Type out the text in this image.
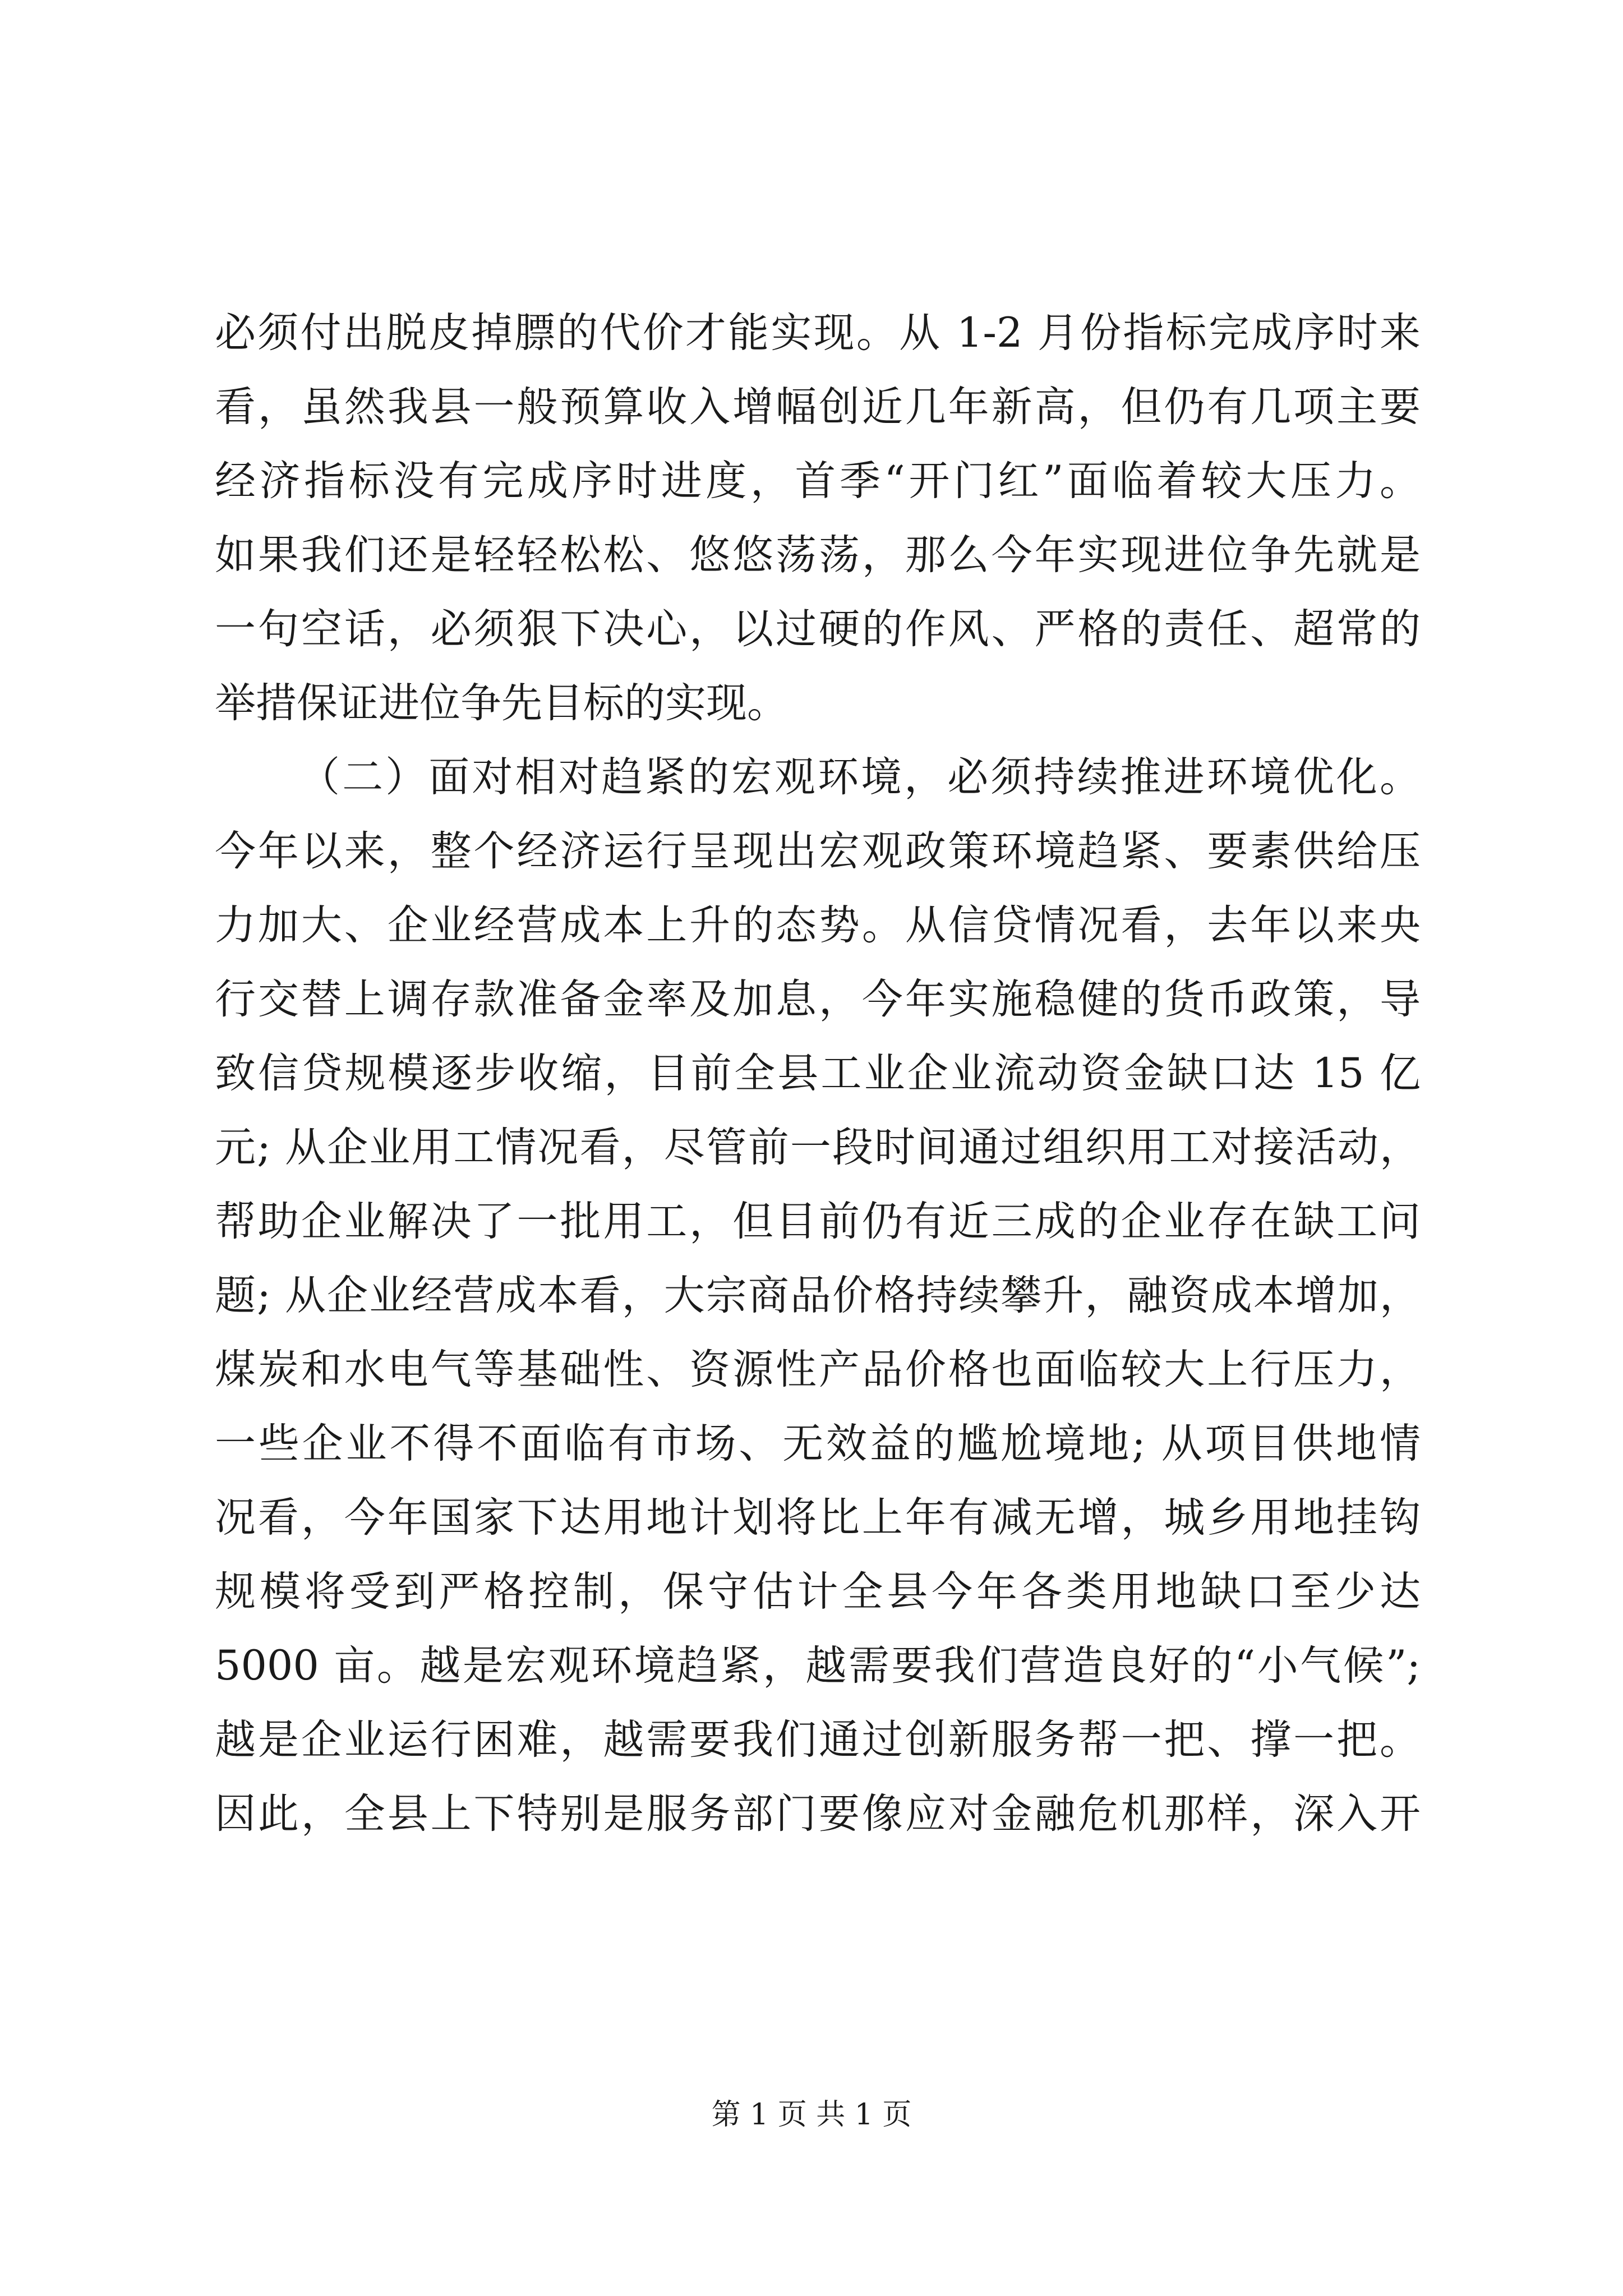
必须付出脱皮掉膘的代价才能实现。从 1-2 月份指标完成序时来
看，虽然我县一般预算收入增幅创近几年新高，但仍有几项主要
经济指标没有完成序时进度，首季“开门红”面临着较大压力。
如果我们还是轻轻松松、悠悠荡荡，那么今年实现进位争先就是
一句空话，必须狠下决心，以过硬的作风、严格的责任、超常的
举措保证进位争先目标的实现。
（二）面对相对趋紧的宏观环境，必须持续推进环境优化。
今年以来，整个经济运行呈现出宏观政策环境趋紧、要素供给压
力加大、企业经营成本上升的态势。从信贷情况看，去年以来央
行交替上调存款准备金率及加息，今年实施稳健的货币政策，导
致信贷规模逐步收缩，目前全县工业企业流动资金缺口达 15 亿
元; 从企业用工情况看，尽管前一段时间通过组织用工对接活动，
帮助企业解决了一批用工，但目前仍有近三成的企业存在缺工问
题; 从企业经营成本看，大宗商品价格持续攀升，融资成本增加，
煤炭和水电气等基础性、资源性产品价格也面临较大上行压力，
一些企业不得不面临有市场、无效益的尴尬境地; 从项目供地情
况看，今年国家下达用地计划将比上年有减无增，城乡用地挂钩
规模将受到严格控制，保守估计全县今年各类用地缺口至少达
5000 亩。越是宏观环境趋紧，越需要我们营造良好的“小气候”;
越是企业运行困难，越需要我们通过创新服务帮一把、撑一把。
因此，全县上下特别是服务部门要像应对金融危机那样，深入开
第 1 页 共 1 页
